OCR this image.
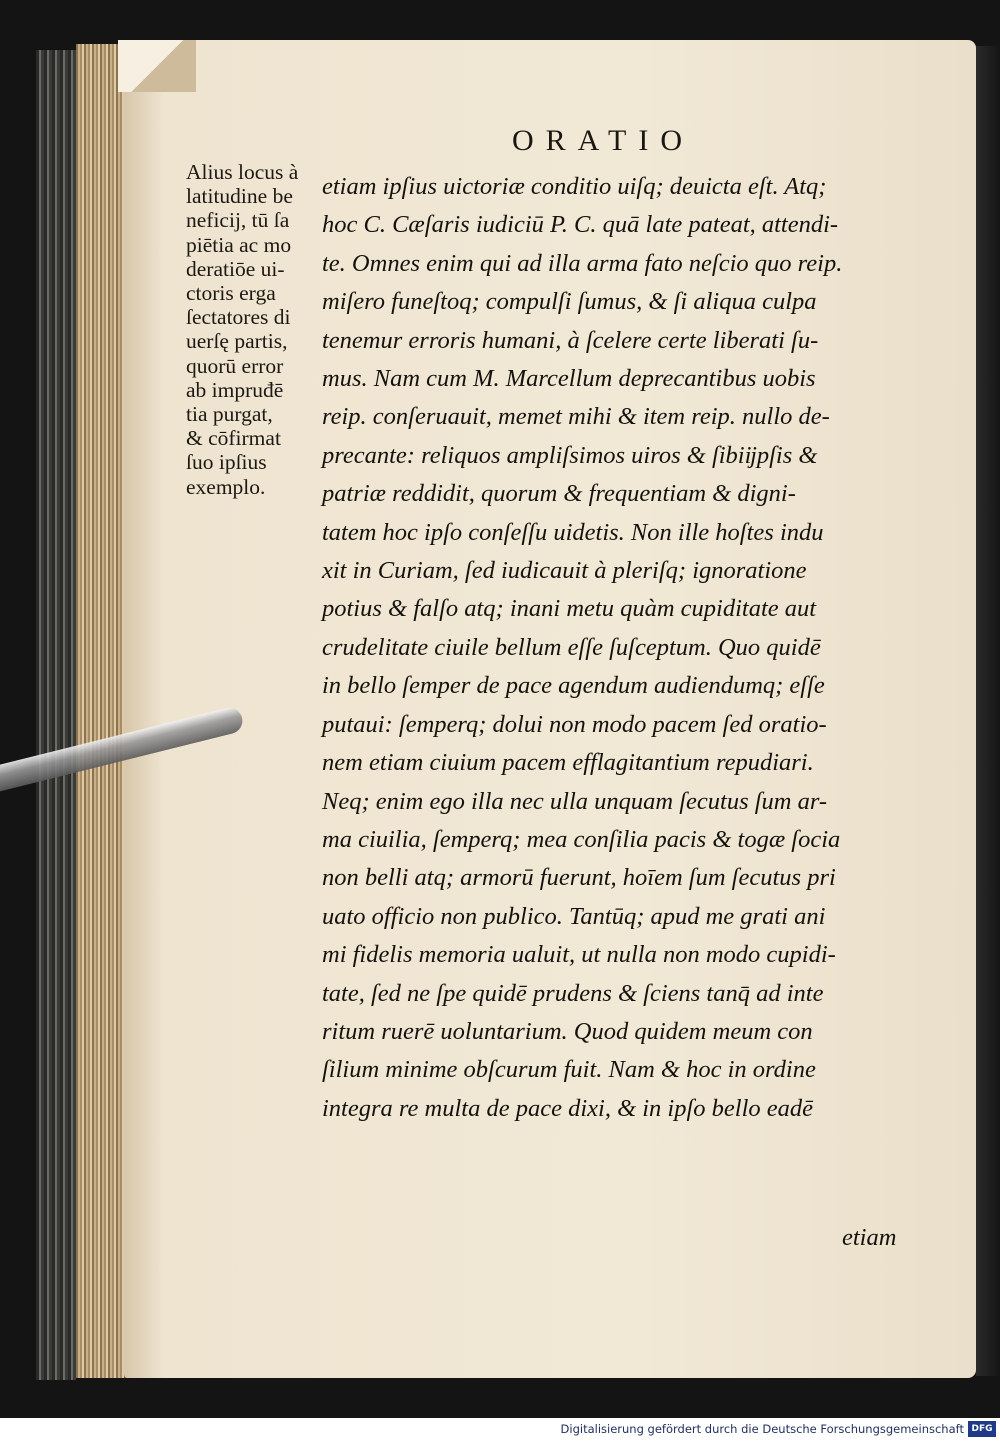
ORATIO
Alius locus à
latitudine be
neficij, tū ſa
piētia ac mo
deratiōe ui-
ctoris erga
ſectatores di
uerſę partis,
quorū error
ab impruđē
tia purgat,
& cōfirmat
ſuo ipſius
exemplo.
etiam ipſius uictoriæ conditio uiſq; deuicta eſt. Atq;
hoc C. Cæſaris iudiciū P. C. quā late pateat, attendi-
te. Omnes enim qui ad illa arma fato neſcio quo reip.
miſero funeſtoq; compulſi ſumus, & ſi aliqua culpa
tenemur erroris humani, à ſcelere certe liberati ſu-
mus. Nam cum M. Marcellum deprecantibus uobis
reip. conſeruauit, memet mihi & item reip. nullo de-
precante: reliquos ampliſsimos uiros & ſibiĳpſis &
patriæ reddidit, quorum & frequentiam & digni-
tatem hoc ipſo conſeſſu uidetis. Non ille hoſtes indu
xit in Curiam, ſed iudicauit à pleriſq; ignoratione
potius & falſo atq; inani metu quàm cupiditate aut
crudelitate ciuile bellum eſſe ſuſceptum. Quo quidē
in bello ſemper de pace agendum audiendumq; eſſe
putaui: ſemperq; dolui non modo pacem ſed oratio-
nem etiam ciuium pacem efflagitantium repudiari.
Neq; enim ego illa nec ulla unquam ſecutus ſum ar-
ma ciuilia, ſemperq; mea conſilia pacis & togæ ſocia
non belli atq; armorū fuerunt, hoīem ſum ſecutus pri
uato officio non publico. Tantūq; apud me grati ani
mi fidelis memoria ualuit, ut nulla non modo cupidi-
tate, ſed ne ſpe quidē prudens & ſciens tanq̄ ad inte
ritum ruerē uoluntarium. Quod quidem meum con
ſilium minime obſcurum fuit. Nam & hoc in ordine
integra re multa de pace dixi, & in ipſo bello eadē
etiam
Digitalisierung gefördert durch die Deutsche Forschungsgemeinschaft DFG
